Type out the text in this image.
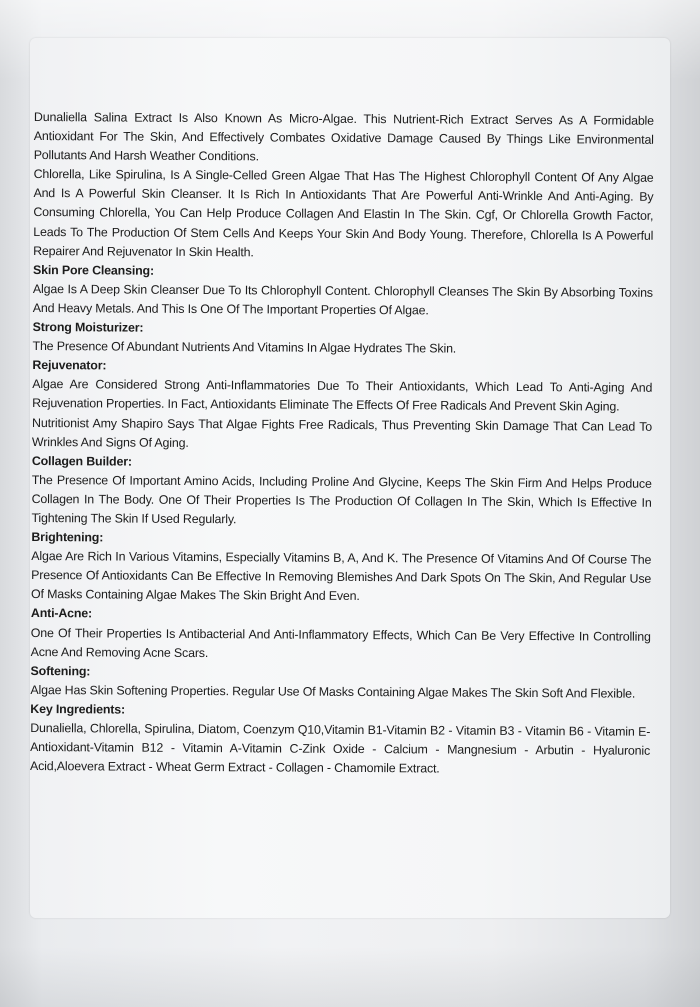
Dunaliella Salina Extract Is Also Known As Micro-Algae. This Nutrient-Rich Extract Serves As A Formidable Antioxidant For The Skin, And Effectively Combates Oxidative Damage Caused By Things Like Environmental Pollutants And Harsh Weather Conditions.

Chlorella, Like Spirulina, Is A Single-Celled Green Algae That Has The Highest Chlorophyll Content Of Any Algae And Is A Powerful Skin Cleanser. It Is Rich In Antioxidants That Are Powerful Anti-Wrinkle And Anti-Aging. By Consuming Chlorella, You Can Help Produce Collagen And Elastin In The Skin. Cgf, Or Chlorella Growth Factor, Leads To The Production Of Stem Cells And Keeps Your Skin And Body Young. Therefore, Chlorella Is A Powerful Repairer And Rejuvenator In Skin Health.

Skin Pore Cleansing:

Algae Is A Deep Skin Cleanser Due To Its Chlorophyll Content. Chlorophyll Cleanses The Skin By Absorbing Toxins And Heavy Metals. And This Is One Of The Important Properties Of Algae.

Strong Moisturizer:

The Presence Of Abundant Nutrients And Vitamins In Algae Hydrates The Skin.

Rejuvenator:

Algae Are Considered Strong Anti-Inflammatories Due To Their Antioxidants, Which Lead To Anti-Aging And Rejuvenation Properties. In Fact, Antioxidants Eliminate The Effects Of Free Radicals And Prevent Skin Aging.

Nutritionist Amy Shapiro Says That Algae Fights Free Radicals, Thus Preventing Skin Damage That Can Lead To Wrinkles And Signs Of Aging.

Collagen Builder:

The Presence Of Important Amino Acids, Including Proline And Glycine, Keeps The Skin Firm And Helps Produce Collagen In The Body. One Of Their Properties Is The Production Of Collagen In The Skin, Which Is Effective In Tightening The Skin If Used Regularly.

Brightening:

Algae Are Rich In Various Vitamins, Especially Vitamins B, A, And K. The Presence Of Vitamins And Of Course The Presence Of Antioxidants Can Be Effective In Removing Blemishes And Dark Spots On The Skin, And Regular Use Of Masks Containing Algae Makes The Skin Bright And Even.

Anti-Acne:

One Of Their Properties Is Antibacterial And Anti-Inflammatory Effects, Which Can Be Very Effective In Controlling Acne And Removing Acne Scars.

Softening:

Algae Has Skin Softening Properties. Regular Use Of Masks Containing Algae Makes The Skin Soft And Flexible.

Key Ingredients:

Dunaliella, Chlorella, Spirulina, Diatom, Coenzym Q10,Vitamin B1-Vitamin B2 - Vitamin B3 - Vitamin B6 - Vitamin E- Antioxidant-Vitamin B12 - Vitamin A-Vitamin C-Zink Oxide - Calcium - Mangnesium - Arbutin - Hyaluronic Acid,Aloevera Extract - Wheat Germ Extract - Collagen - Chamomile Extract.
